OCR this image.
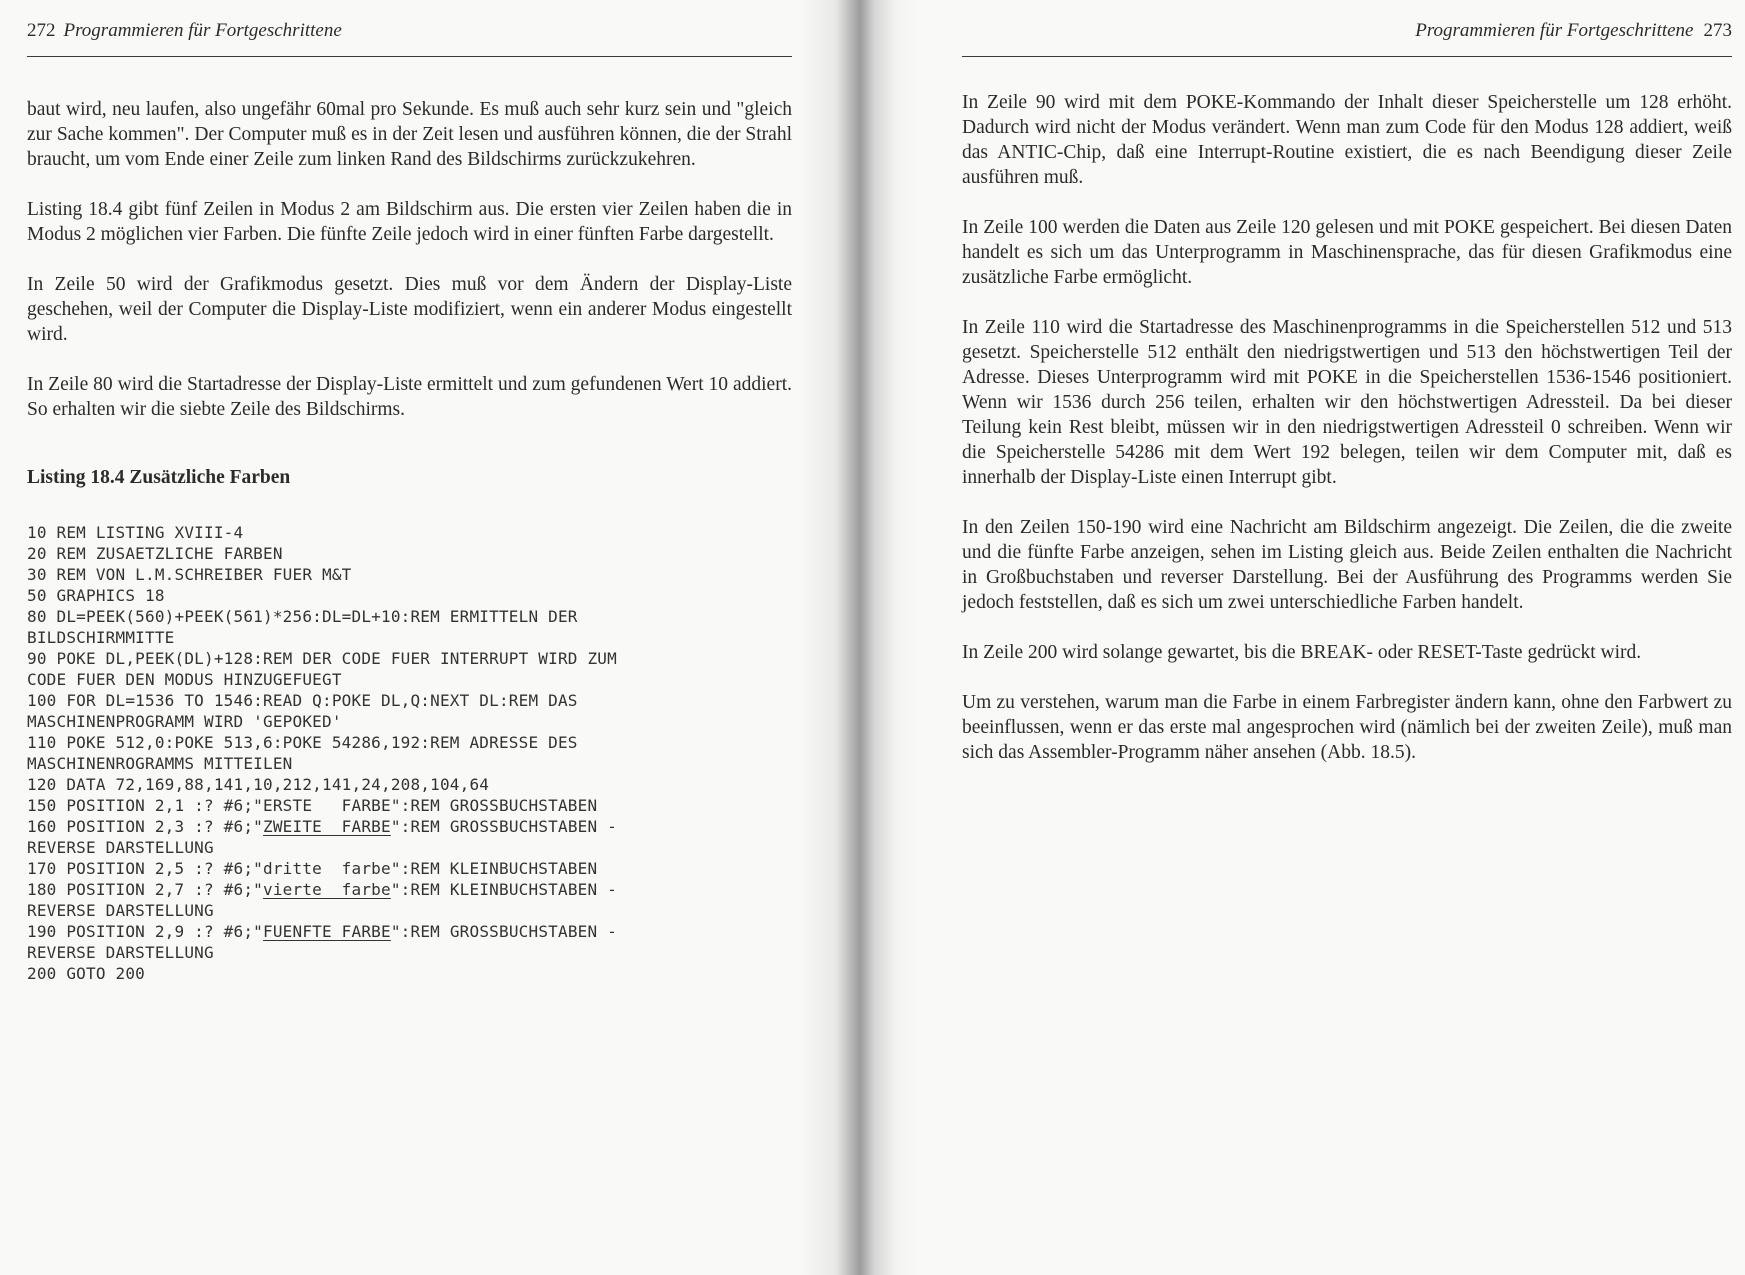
272 Programmieren für Fortgeschrittene

baut wird, neu laufen, also ungefähr 60mal pro Sekunde. Es muß auch sehr kurz sein und "gleich zur Sache kommen". Der Computer muß es in der Zeit lesen und ausführen können, die der Strahl braucht, um vom Ende einer Zeile zum linken Rand des Bildschirms zurückzukehren.

Listing 18.4 gibt fünf Zeilen in Modus 2 am Bildschirm aus. Die ersten vier Zeilen haben die in Modus 2 möglichen vier Farben. Die fünfte Zeile jedoch wird in einer fünften Farbe dargestellt.

In Zeile 50 wird der Grafikmodus gesetzt. Dies muß vor dem Ändern der Display-Liste geschehen, weil der Computer die Display-Liste modifiziert, wenn ein anderer Modus eingestellt wird.

In Zeile 80 wird die Startadresse der Display-Liste ermittelt und zum gefundenen Wert 10 addiert. So erhalten wir die siebte Zeile des Bildschirms.

Listing 18.4 Zusätzliche Farben
10 REM LISTING XVIII-4
20 REM ZUSAETZLICHE FARBEN
30 REM VON L.M.SCHREIBER FUER M&T
50 GRAPHICS 18
80 DL=PEEK(560)+PEEK(561)*256:DL=DL+10:REM ERMITTELN DER
BILDSCHIRMMITTE
90 POKE DL,PEEK(DL)+128:REM DER CODE FUER INTERRUPT WIRD ZUM
CODE FUER DEN MODUS HINZUGEFUEGT
100 FOR DL=1536 TO 1546:READ Q:POKE DL,Q:NEXT DL:REM DAS
MASCHINENPROGRAMM WIRD 'GEPOKED'
110 POKE 512,0:POKE 513,6:POKE 54286,192:REM ADRESSE DES
MASCHINENROGRAMMS MITTEILEN
120 DATA 72,169,88,141,10,212,141,24,208,104,64
150 POSITION 2,1 :? #6;"ERSTE   FARBE":REM GROSSBUCHSTABEN
160 POSITION 2,3 :? #6;"ZWEITE  FARBE":REM GROSSBUCHSTABEN -
REVERSE DARSTELLUNG
170 POSITION 2,5 :? #6;"dritte  farbe":REM KLEINBUCHSTABEN
180 POSITION 2,7 :? #6;"vierte  farbe":REM KLEINBUCHSTABEN -
REVERSE DARSTELLUNG
190 POSITION 2,9 :? #6;"FUENFTE FARBE":REM GROSSBUCHSTABEN -
REVERSE DARSTELLUNG
200 GOTO 200
Programmieren für Fortgeschrittene 273

In Zeile 90 wird mit dem POKE-Kommando der Inhalt dieser Speicherstelle um 128 erhöht. Dadurch wird nicht der Modus verändert. Wenn man zum Code für den Modus 128 addiert, weiß das ANTIC-Chip, daß eine Interrupt-Routine existiert, die es nach Beendigung dieser Zeile ausführen muß.

In Zeile 100 werden die Daten aus Zeile 120 gelesen und mit POKE gespeichert. Bei diesen Daten handelt es sich um das Unterprogramm in Maschinensprache, das für diesen Grafikmodus eine zusätzliche Farbe ermöglicht.

In Zeile 110 wird die Startadresse des Maschinenprogramms in die Speicherstellen 512 und 513 gesetzt. Speicherstelle 512 enthält den niedrigstwertigen und 513 den höchstwertigen Teil der Adresse. Dieses Unterprogramm wird mit POKE in die Speicherstellen 1536-1546 positioniert. Wenn wir 1536 durch 256 teilen, erhalten wir den höchstwertigen Adressteil. Da bei dieser Teilung kein Rest bleibt, müssen wir in den niedrigstwertigen Adressteil 0 schreiben. Wenn wir die Speicherstelle 54286 mit dem Wert 192 belegen, teilen wir dem Computer mit, daß es innerhalb der Display-Liste einen Interrupt gibt.

In den Zeilen 150-190 wird eine Nachricht am Bildschirm angezeigt. Die Zeilen, die die zweite und die fünfte Farbe anzeigen, sehen im Listing gleich aus. Beide Zeilen enthalten die Nachricht in Großbuchstaben und reverser Darstellung. Bei der Ausführung des Programms werden Sie jedoch feststellen, daß es sich um zwei unterschiedliche Farben handelt.

In Zeile 200 wird solange gewartet, bis die BREAK- oder RESET-Taste gedrückt wird.

Um zu verstehen, warum man die Farbe in einem Farbregister ändern kann, ohne den Farbwert zu beeinflussen, wenn er das erste mal angesprochen wird (nämlich bei der zweiten Zeile), muß man sich das Assembler-Programm näher ansehen (Abb. 18.5).
